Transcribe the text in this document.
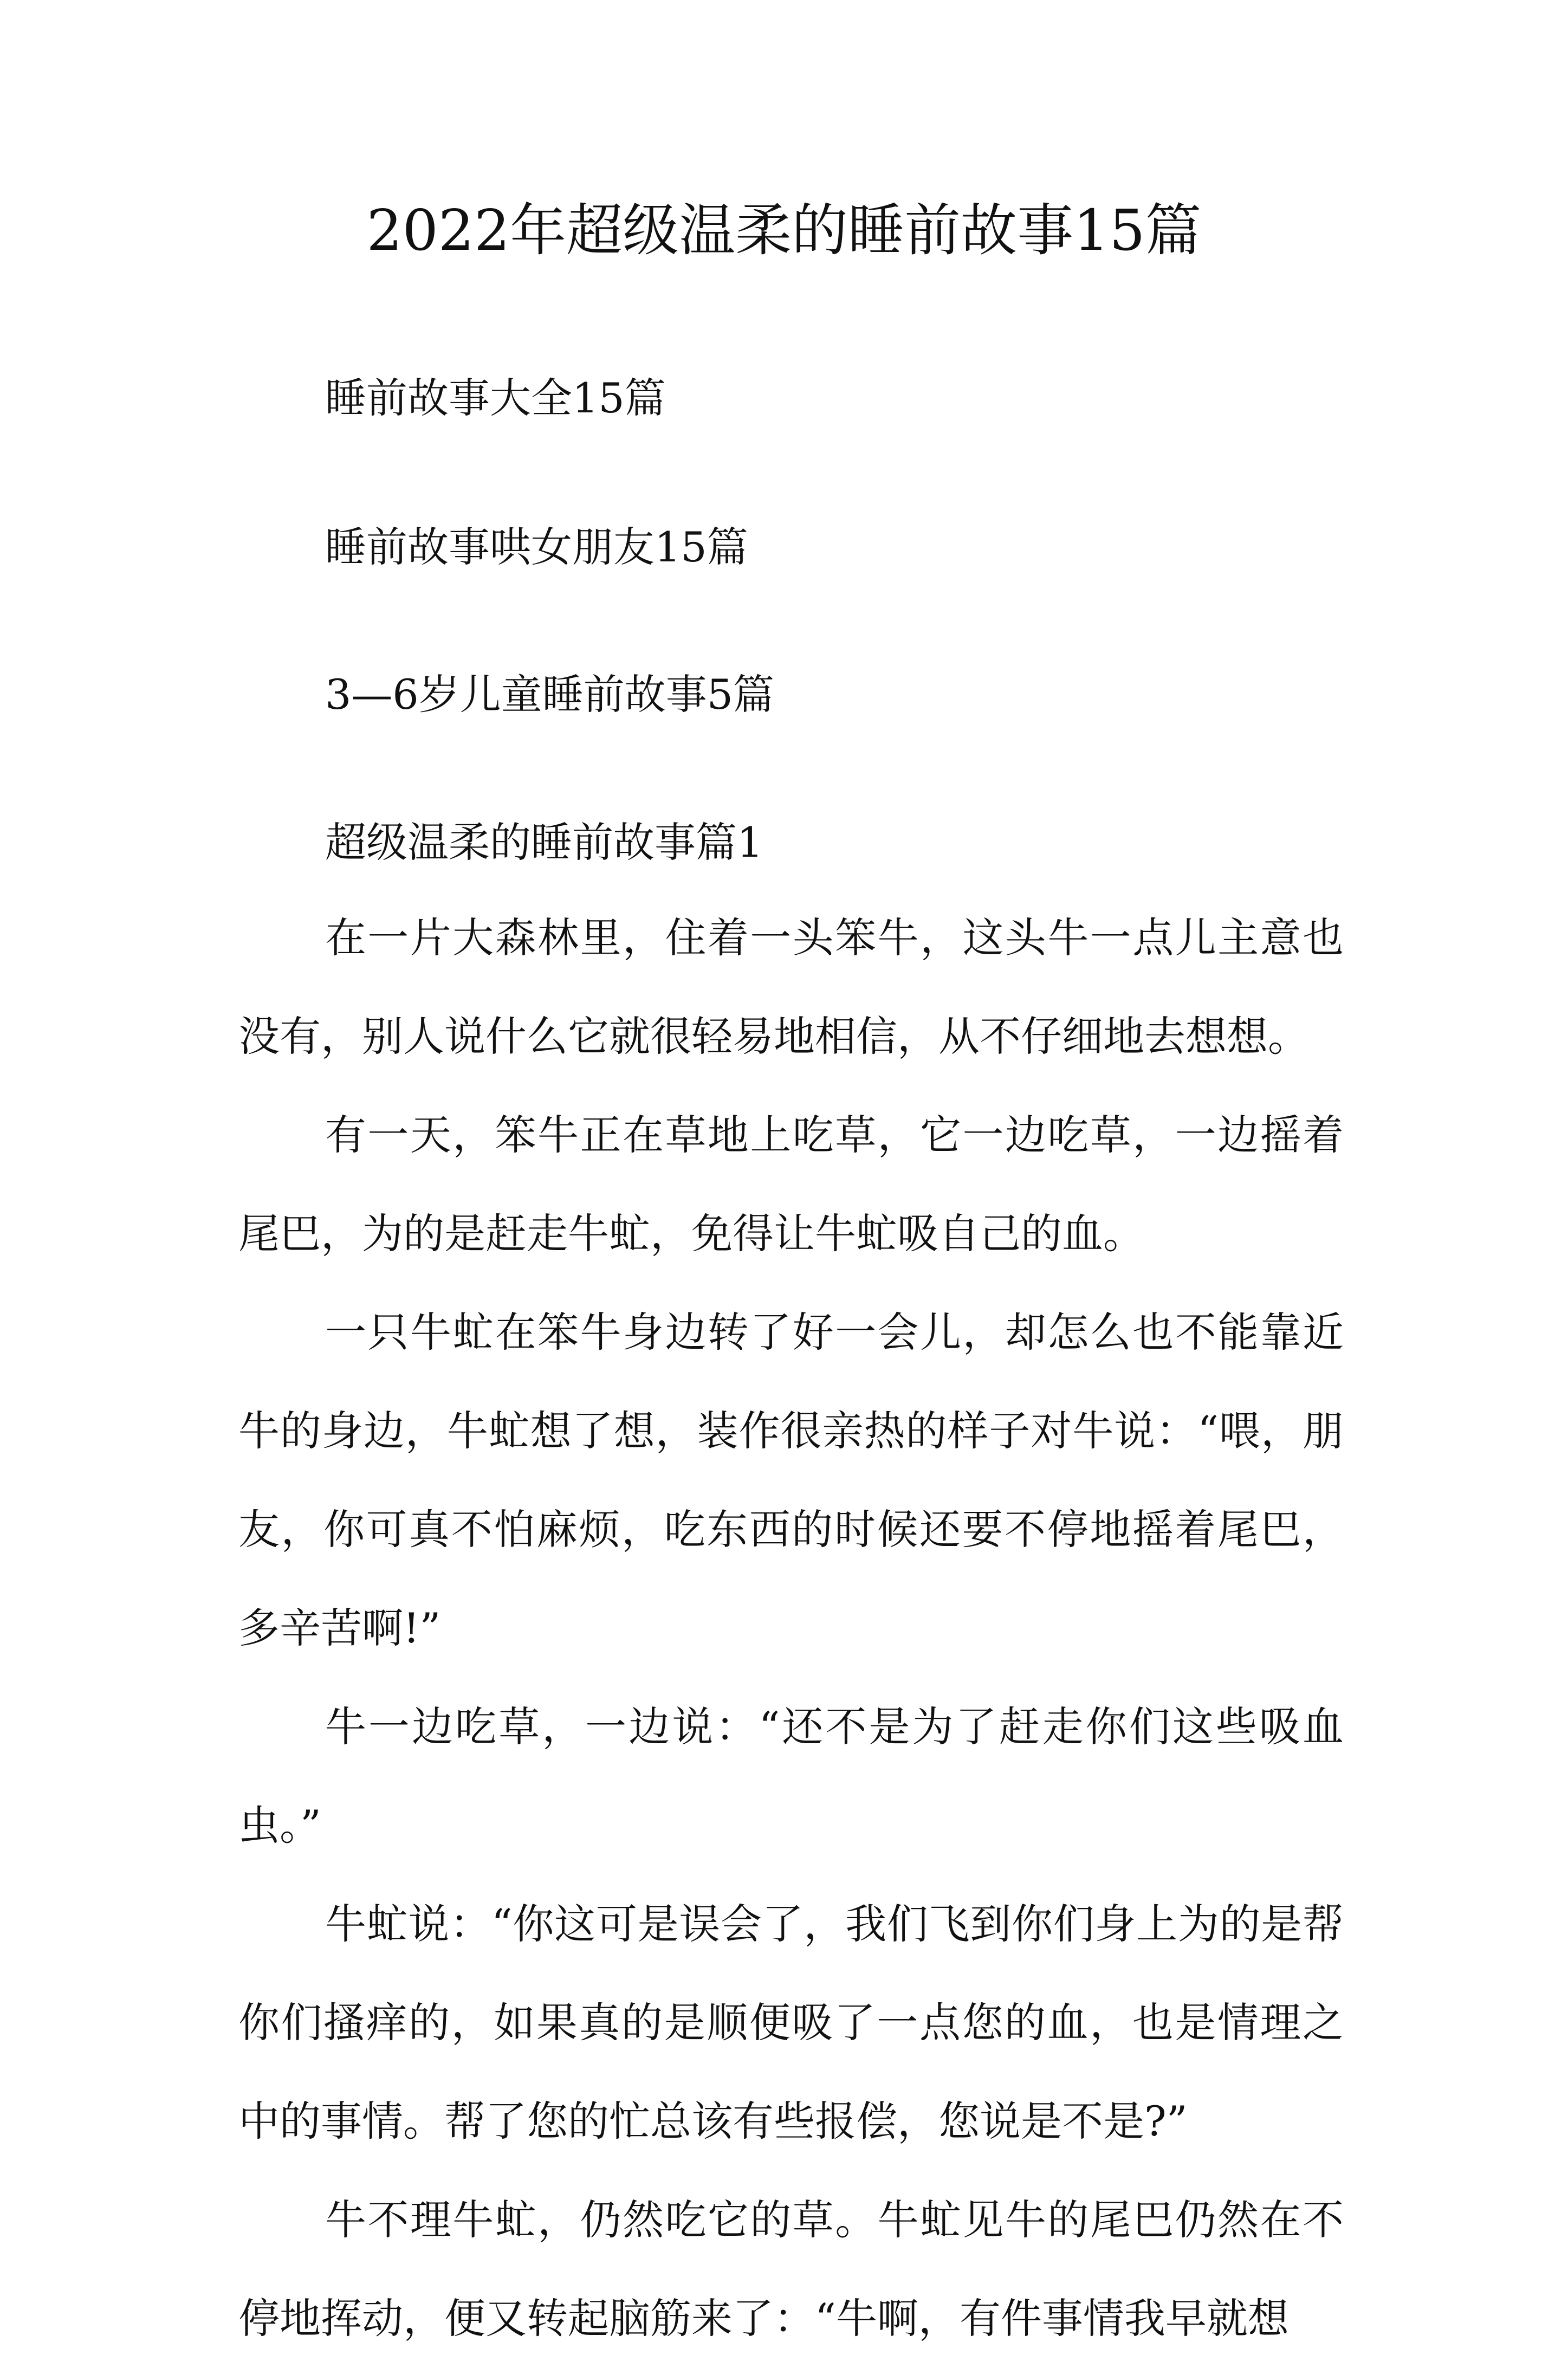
2022年超级温柔的睡前故事15篇
睡前故事大全15篇
睡前故事哄女朋友15篇
3—6岁儿童睡前故事5篇
超级温柔的睡前故事篇1

在一片大森林里，住着一头笨牛，这头牛一点儿主意也没有，别人说什么它就很轻易地相信，从不仔细地去想想。

有一天，笨牛正在草地上吃草，它一边吃草，一边摇着尾巴，为的是赶走牛虻，免得让牛虻吸自己的血。

一只牛虻在笨牛身边转了好一会儿，却怎么也不能靠近牛的身边，牛虻想了想，装作很亲热的样子对牛说：“喂，朋友，你可真不怕麻烦，吃东西的时候还要不停地摇着尾巴，多辛苦啊!”

牛一边吃草，一边说：“还不是为了赶走你们这些吸血虫。”

牛虻说：“你这可是误会了，我们飞到你们身上为的是帮你们搔痒的，如果真的是顺便吸了一点您的血，也是情理之中的事情。帮了您的忙总该有些报偿，您说是不是?”

牛不理牛虻，仍然吃它的草。牛虻见牛的尾巴仍然在不停地挥动，便又转起脑筋来了：“牛啊，有件事情我早就想
